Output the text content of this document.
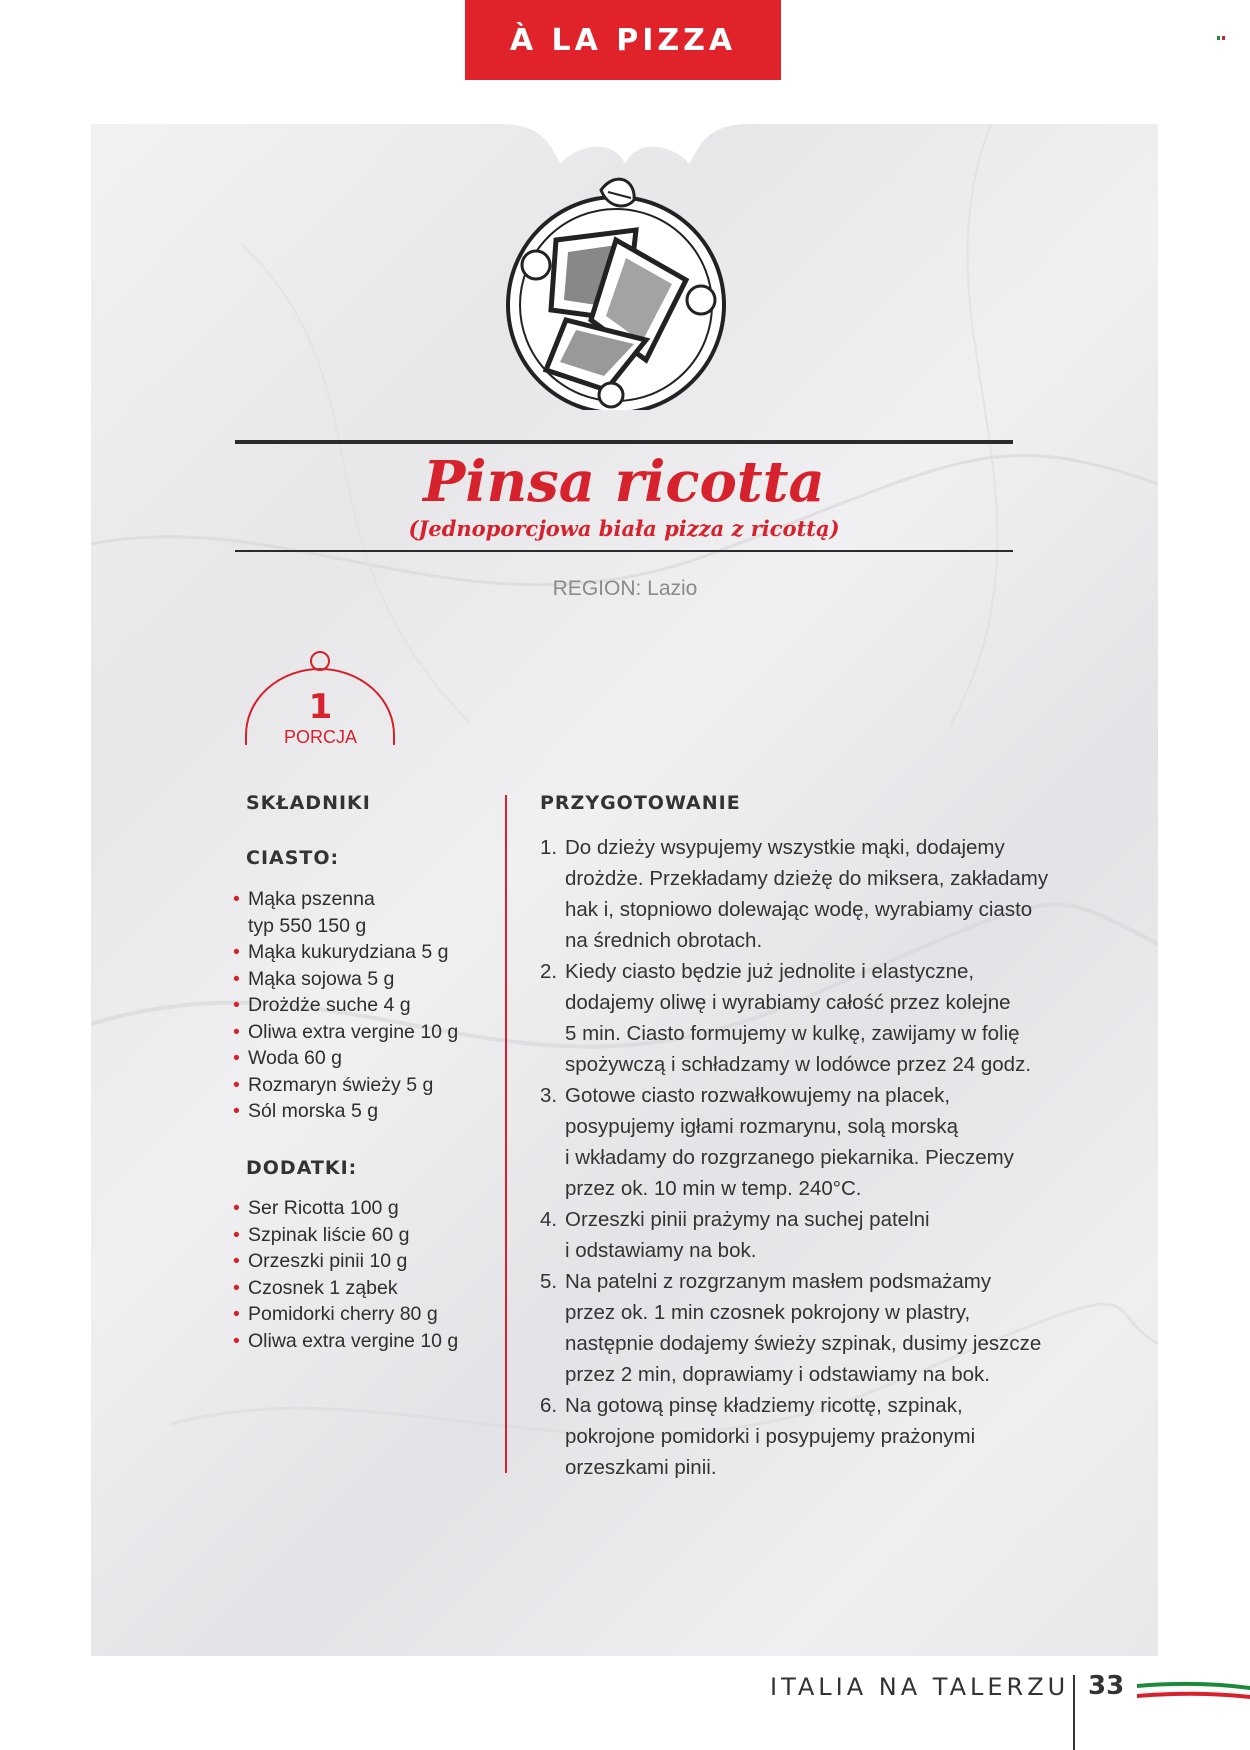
À LA PIZZA
Pinsa ricotta
(Jednoporcjowa biała pizza z ricottą)
REGION: Lazio
1
PORCJA
SKŁADNIKI
CIASTO:
• Mąka pszenna
typ 550 150 g
• Mąka kukurydziana 5 g
• Mąka sojowa 5 g
• Drożdże suche 4 g
• Oliwa extra vergine 10 g
• Woda 60 g
• Rozmaryn świeży 5 g
• Sól morska 5 g
DODATKI:
• Ser Ricotta 100 g
• Szpinak liście 60 g
• Orzeszki pinii 10 g
• Czosnek 1 ząbek
• Pomidorki cherry 80 g
• Oliwa extra vergine 10 g
PRZYGOTOWANIE
1. Do dzieży wsypujemy wszystkie mąki, dodajemy
drożdże. Przekładamy dzieżę do miksera, zakładamy
hak i, stopniowo dolewając wodę, wyrabiamy ciasto
na średnich obrotach.
2. Kiedy ciasto będzie już jednolite i elastyczne,
dodajemy oliwę i wyrabiamy całość przez kolejne
5 min. Ciasto formujemy w kulkę, zawijamy w folię
spożywczą i schładzamy w lodówce przez 24 godz.
3. Gotowe ciasto rozwałkowujemy na placek,
posypujemy igłami rozmarynu, solą morską
i wkładamy do rozgrzanego piekarnika. Pieczemy
przez ok. 10 min w temp. 240°C.
4. Orzeszki pinii prażymy na suchej patelni
i odstawiamy na bok.
5. Na patelni z rozgrzanym masłem podsmażamy
przez ok. 1 min czosnek pokrojony w plastry,
następnie dodajemy świeży szpinak, dusimy jeszcze
przez 2 min, doprawiamy i odstawiamy na bok.
6. Na gotową pinsę kładziemy ricottę, szpinak,
pokrojone pomidorki i posypujemy prażonymi
orzeszkami pinii.
ITALIA NA TALERZU 33
